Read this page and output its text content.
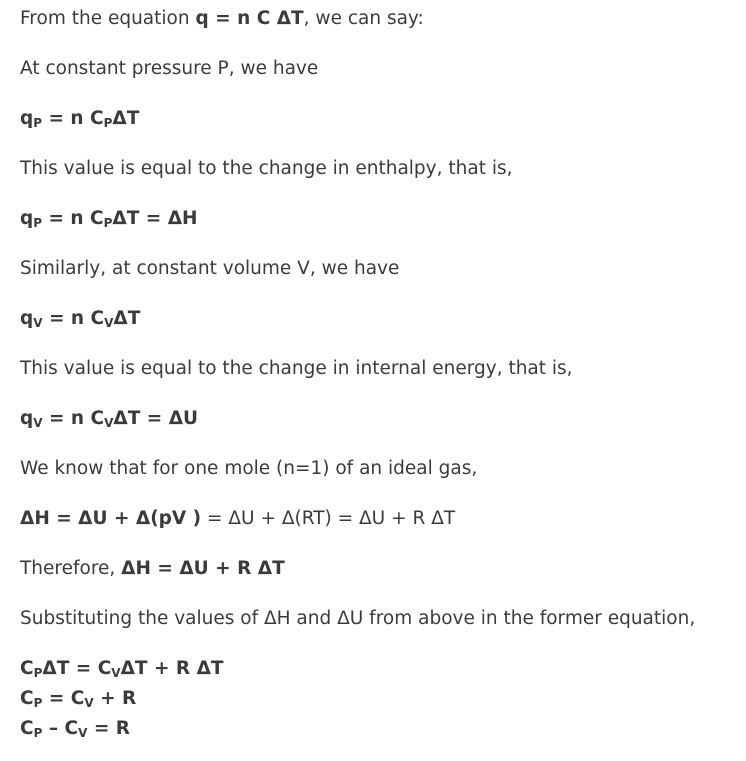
From the equation q = n C ΔT, we can say:
At constant pressure P, we have
$q_P = n$ $C_P\Delta T$
This value is equal to the change in enthalpy, that is,
$q_P = n$ $C_P\Delta T = \Delta H$
Similarly, at constant volume V, we have
$q_V = n$ $C_V\Delta T$
This value is equal to the change in internal energy, that is,
$q_V = n$ $C_V\Delta T = \Delta U$
We know that for one mole (n=1) of an ideal gas,
ΔH = ΔU + Δ(pV ) = ΔU + Δ(RT) = ΔU + R ΔT
Therefore, ΔH = ΔU + R ΔT
Substituting the values of ΔH and ΔU from above in the former equation,
$C_P\Delta T = C_V\Delta T + R$ ΔT
$C_P = C_V + R$
$C_P - C_V = R$
